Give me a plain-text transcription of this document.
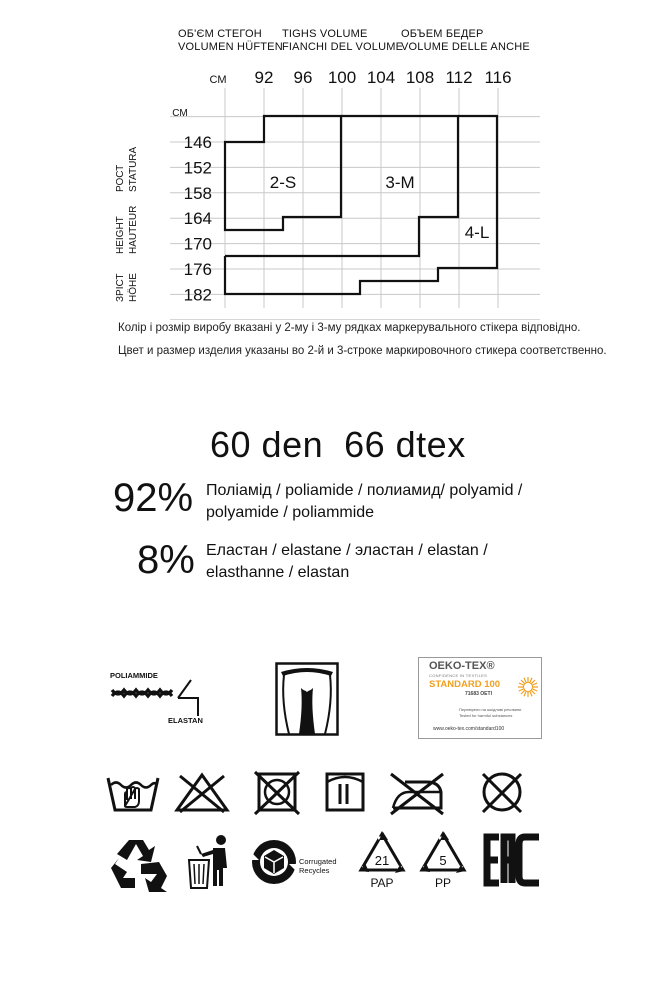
ОБ'ЄМ СТЕГОН
VOLUMEN HÜFTEN
TIGHS VOLUME
FIANCHI DEL VOLUME
ОБЪЕМ БЕДЕР
VOLUME DELLE ANCHE
СМ 92 96 100 104 108 112 116
СМ
146
152
158
164
170
176
182
РОСТ STATURA
HEIGHT HAUTEUR
ЗРІСТ HÖHE
2-S	3-M
4-L
Колір і розмір виробу вказані у 2-му і 3-му рядках маркерувального стікера відповідно.
Цвет и размер изделия указаны во 2-й и 3-строке маркировочного стикера соответственно.
60 den  66 dtex
92% Поліамід / poliamide / полиамид/ polyamid /
polyamide / poliammide
8% Еластан / elastane / эластан / elastan /
elasthanne / elastan
POLIAMMIDE
ELASTAN
OEKO-TEX®
CONFIDENCE IN TEXTILES
STANDARD 100
71683 OETI
Перевірено на шкідливі речовини
Tested for harmful substances
www.oeko-tex.com/standard100
Corrugated
Recycles
21
PAP
5
PP
